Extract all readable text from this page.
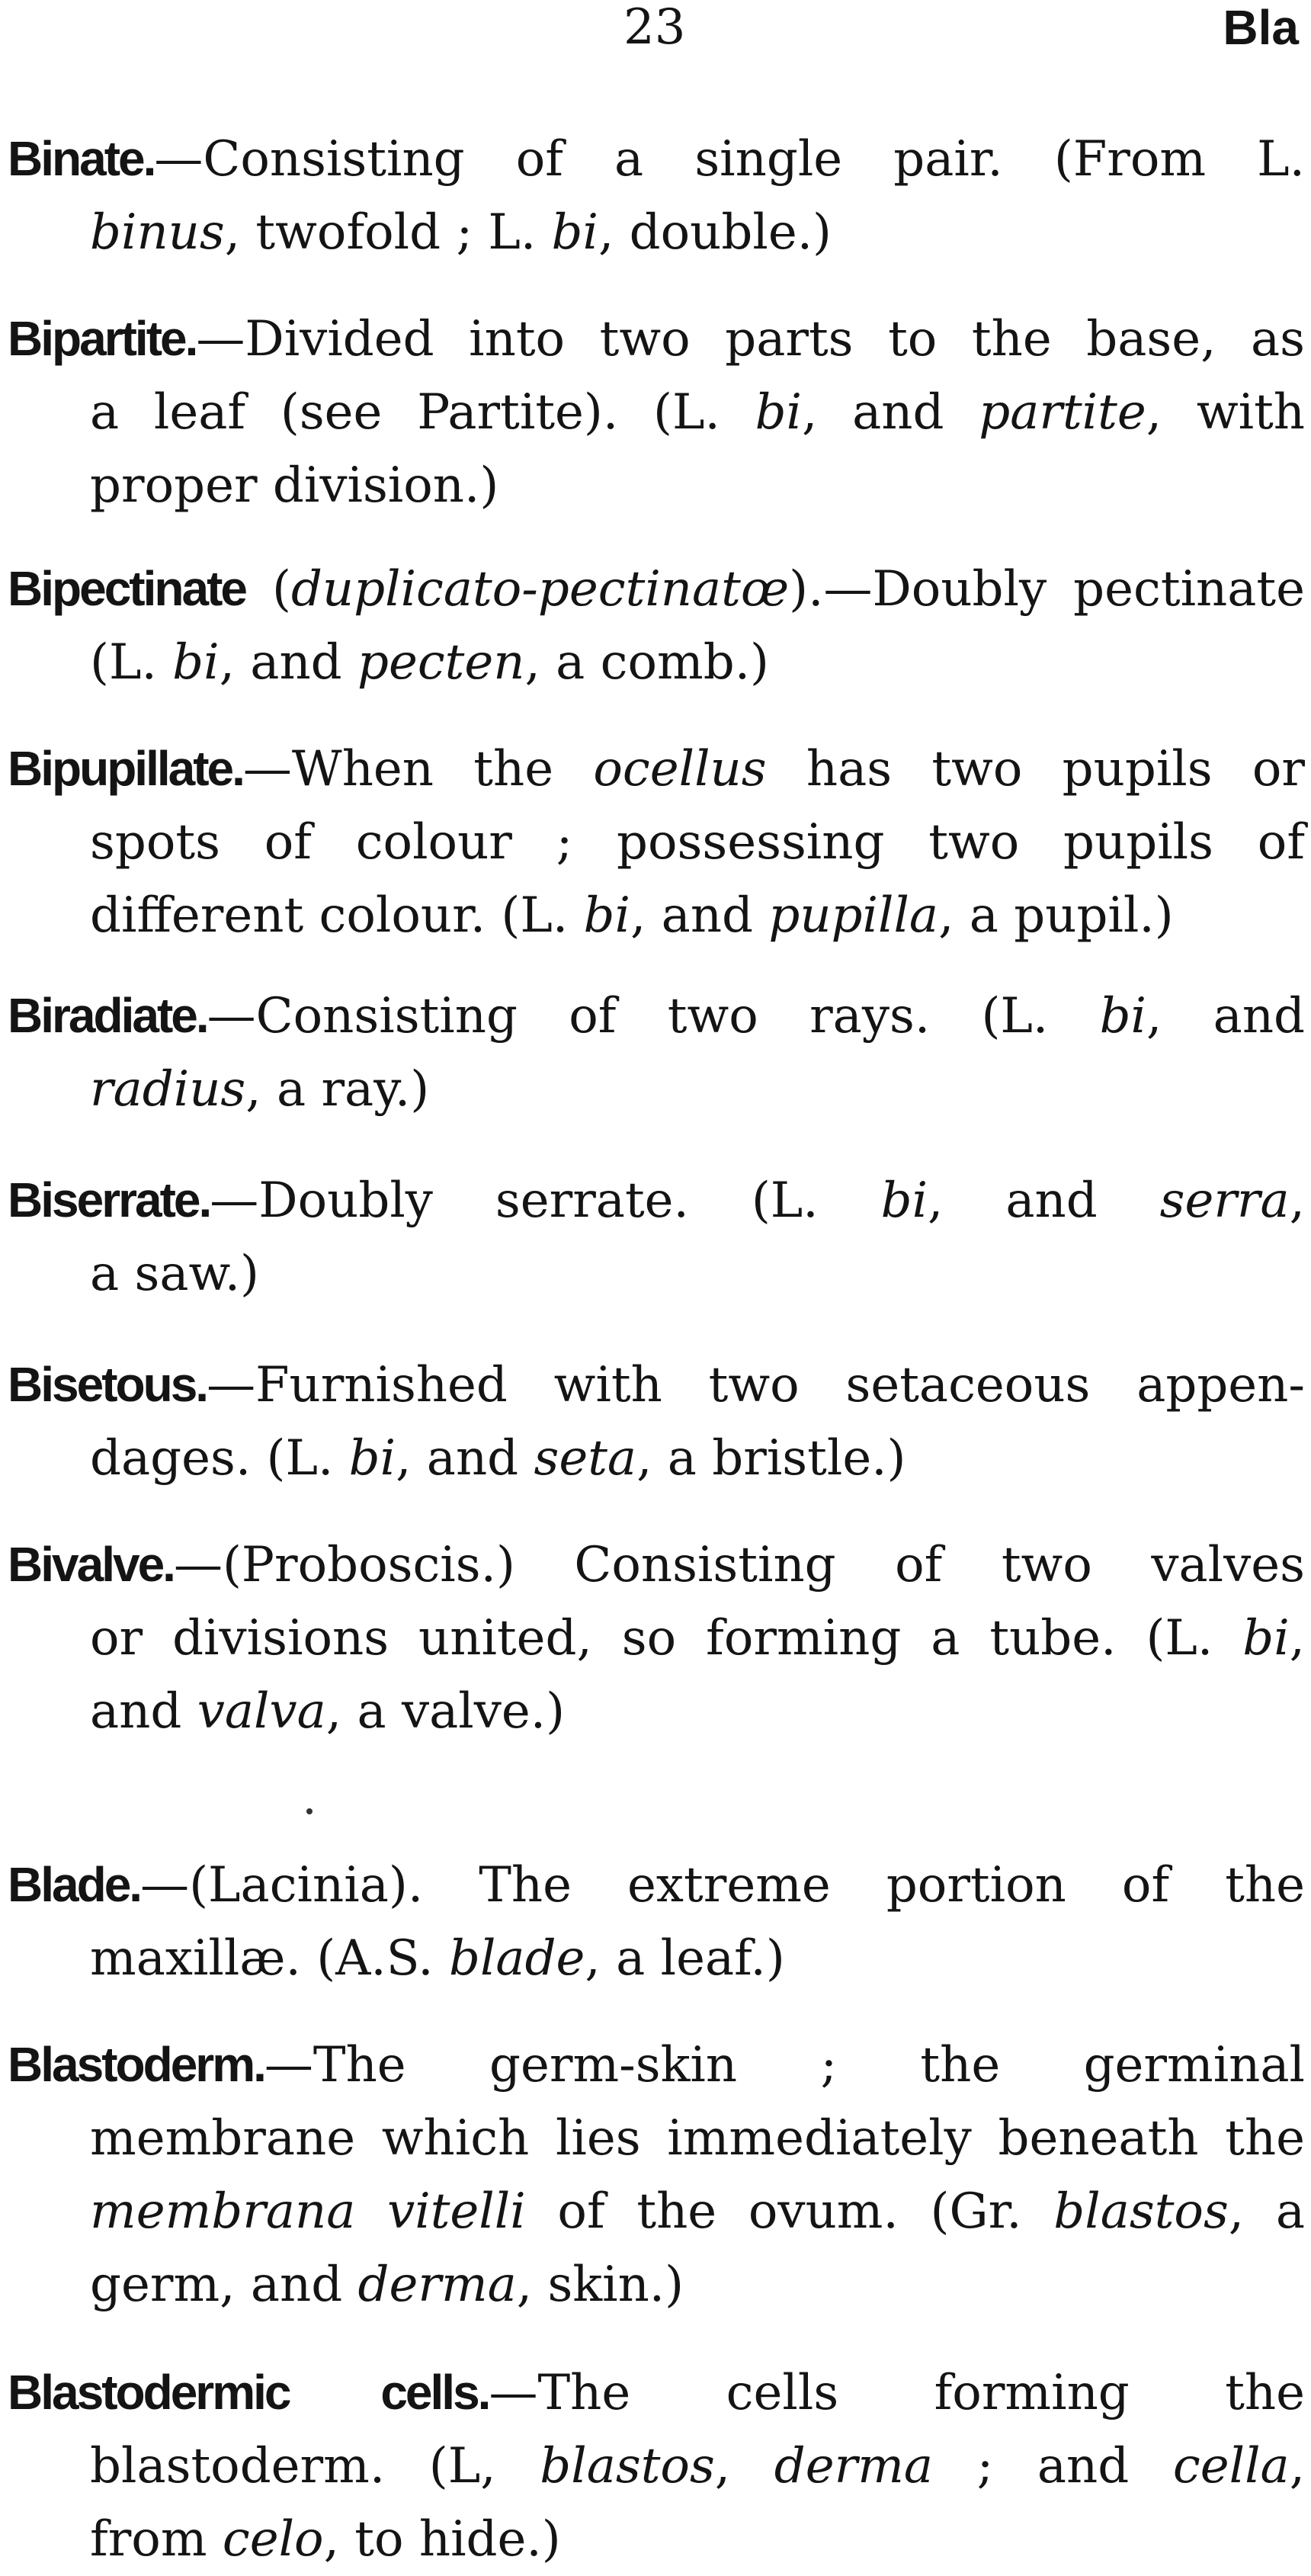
23	Bla
Binate.—Consisting of a single pair. (From L.
binus, twofold ; L. bi, double.)
Bipartite.—Divided into two parts to the base, as
a leaf (see Partite). (L. bi, and partite, with
proper division.)
Bipectinate (duplicato-pectinatœ).—Doubly pectinate
(L. bi, and pecten, a comb.)
Bipupillate.—When the ocellus has two pupils or
spots of colour ; possessing two pupils of
different colour. (L. bi, and pupilla, a pupil.)
Biradiate.—Consisting of two rays. (L. bi, and
radius, a ray.)
Biserrate.—Doubly serrate. (L. bi, and serra,
a saw.)
Bisetous.—Furnished with two setaceous appen-
dages. (L. bi, and seta, a bristle.)
Bivalve.—(Proboscis.) Consisting of two valves
or divisions united, so forming a tube. (L. bi,
and valva, a valve.)
Blade.—(Lacinia). The extreme portion of the
maxillæ. (A.S. blade, a leaf.)
Blastoderm.—The germ-skin ; the germinal
membrane which lies immediately beneath the
membrana vitelli of the ovum. (Gr. blastos, a
germ, and derma, skin.)
Blastodermic cells.—The cells forming the
blastoderm. (L, blastos, derma ; and cella,
from celo, to hide.)
